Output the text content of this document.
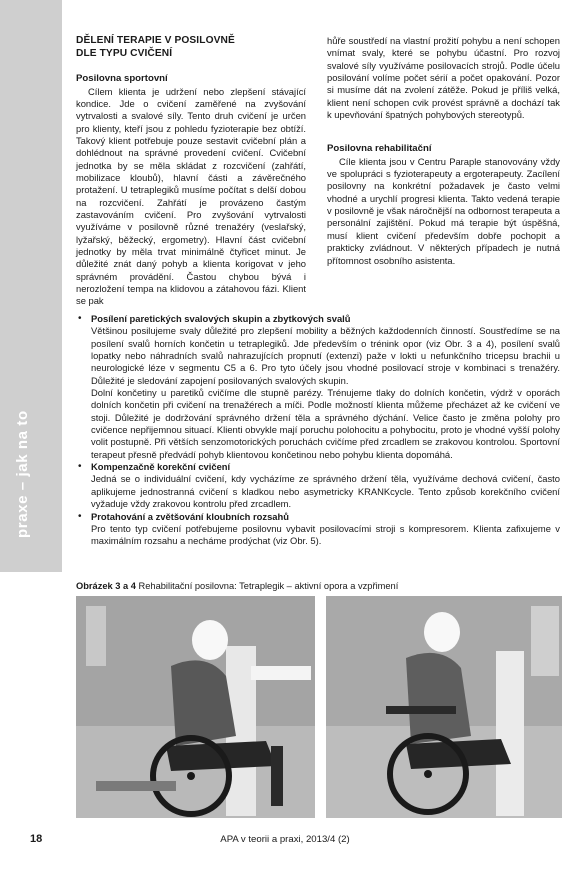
praxe – jak na to
DĚLENÍ TERAPIE V POSILOVNĚ
DLE TYPU CVIČENÍ
Posilovna sportovní

Cílem klienta je udržení nebo zlepšení stávající kondice. Jde o cvičení zaměřené na zvyšování vytrvalosti a svalové síly. Tento druh cvičení je určen pro klienty, kteří jsou z pohledu fyzioterapie bez obtíží. Takový klient potřebuje pouze sestavit cvičební plán a dohlédnout na správné provedení cvičení. Cvičební jednotka by se měla skládat z rozcvičení (zahřátí, mobilizace kloubů), hlavní části a závěrečného protažení. U tetraplegiků musíme počítat s delší dobou na rozcvičení. Zahřátí je provázeno častým zastavováním cvičení. Pro zvyšování vytrvalosti využíváme v posilovně různé trenažéry (veslařský, lyžařský, běžecký, ergometry). Hlavní část cvičební jednotky by měla trvat minimálně čtyřicet minut. Je důležité znát daný pohyb a klienta korigovat v jeho správném provádění. Častou chybou bývá i nerozložení tempa na klidovou a zátahovou fázi. Klient se pak

hůře soustředí na vlastní prožití pohybu a není schopen vnímat svaly, které se pohybu účastní. Pro rozvoj svalové síly využíváme posilovacích strojů. Podle účelu posilování volíme počet sérií a počet opakování. Pozor si musíme dát na zvolení zátěže. Pokud je příliš velká, klient není schopen cvik provést správně a dochází tak k upevňování špatných pohybových stereotypů.

Posilovna rehabilitační

Cíle klienta jsou v Centru Paraple stanovovány vždy ve spolupráci s fyzioterapeuty a ergoterapeuty. Zacílení posilovny na konkrétní požadavek je často velmi vhodné a urychlí progresi klienta. Takto vedená terapie v posilovně je však náročnější na odbornost terapeuta a personální zajištění. Pokud má terapie být úspěšná, musí klient cvičení především dobře pochopit a prakticky zvládnout. V některých případech je nutná přítomnost osobního asistenta.

• Posílení paretických svalových skupin a zbytkových svalů

Většinou posilujeme svaly důležité pro zlepšení mobility a běžných každodenních činností. Soustředíme se na posílení svalů horních končetin u tetraplegiků. Jde především o trénink opor (viz Obr. 3 a 4), posílení svalů lopatky nebo náhradních svalů nahrazujících propnutí (extenzi) paže v lokti u nefunkčního tricepsu brachii u neurologické léze v segmentu C5 a 6. Pro tyto účely jsou vhodné posilovací stroje v kombinaci s trenažéry. Důležité je sledování zapojení posilovaných svalových skupin.

Dolní končetiny u paretiků cvičíme dle stupně parézy. Trénujeme tlaky do dolních končetin, výdrž v oporách dolních končetin při cvičení na trenažérech a míči. Podle možností klienta můžeme přecházet až ke cvičení ve stoji. Důležité je dodržování správného držení těla a správného dýchání. Velice často je změna polohy pro cvičence nepřijemnou situací. Klienti obvykle mají poruchu polohocitu a pohybocitu, proto je vhodné vyšší polohy volit postupně. Při větších senzomotorických poruchách cvičíme před zrcadlem se zrakovou kontrolou. Sportovní terapeut přesně předvádí pohyb klientovou končetinou nebo pohybu klienta dopomáhá.

• Kompenzačně korekční cvičení

Jedná se o individuální cvičení, kdy vycházíme ze správného držení těla, využíváme dechová cvičení, často aplikujeme jednostranná cvičení s kladkou nebo asymetricky KRANKcycle. Tento způsob korekčního cvičení vyžaduje vždy zrakovou kontrolu před zrcadlem.

• Protahování a zvětšování kloubních rozsahů

Pro tento typ cvičení potřebujeme posilovnu vybavit posilovacími stroji s kompresorem. Klienta zafixujeme v maximálním rozsahu a necháme prodýchat (viz Obr. 5).

Obrázek 3 a 4 Rehabilitační posilovna: Tetraplegik – aktivní opora a vzpřimení
18	APA v teorii a praxi, 2013/4 (2)
